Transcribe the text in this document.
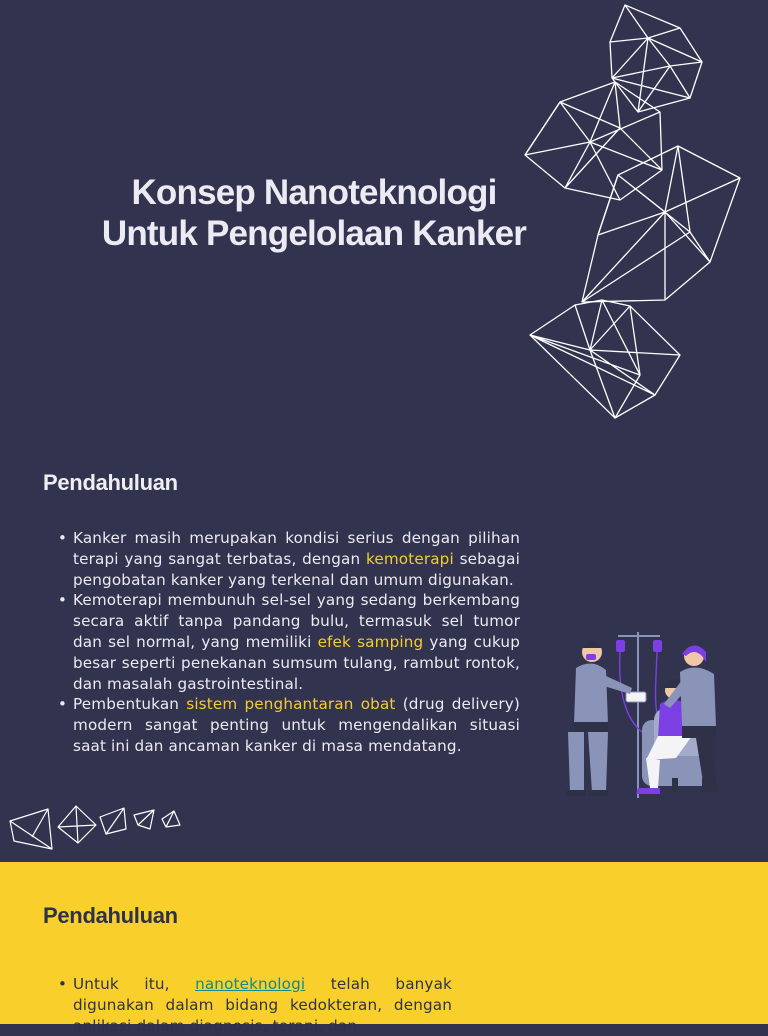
Konsep Nanoteknologi
Untuk Pengelolaan Kanker
Pendahuluan
• Kanker masih merupakan kondisi serius dengan pilihan terapi yang sangat terbatas, dengan kemoterapi sebagai pengobatan kanker yang terkenal dan umum digunakan.
• Kemoterapi membunuh sel-sel yang sedang berkembang secara aktif tanpa pandang bulu, termasuk sel tumor dan sel normal, yang memiliki efek samping yang cukup besar seperti penekanan sumsum tulang, rambut rontok, dan masalah gastrointestinal.
• Pembentukan sistem penghantaran obat (drug delivery) modern sangat penting untuk mengendalikan situasi saat ini dan ancaman kanker di masa mendatang.
Pendahuluan
• Untuk itu, nanoteknologi telah banyak digunakan dalam bidang kedokteran, dengan aplikasi dalam diagnosis, terapi, dan
